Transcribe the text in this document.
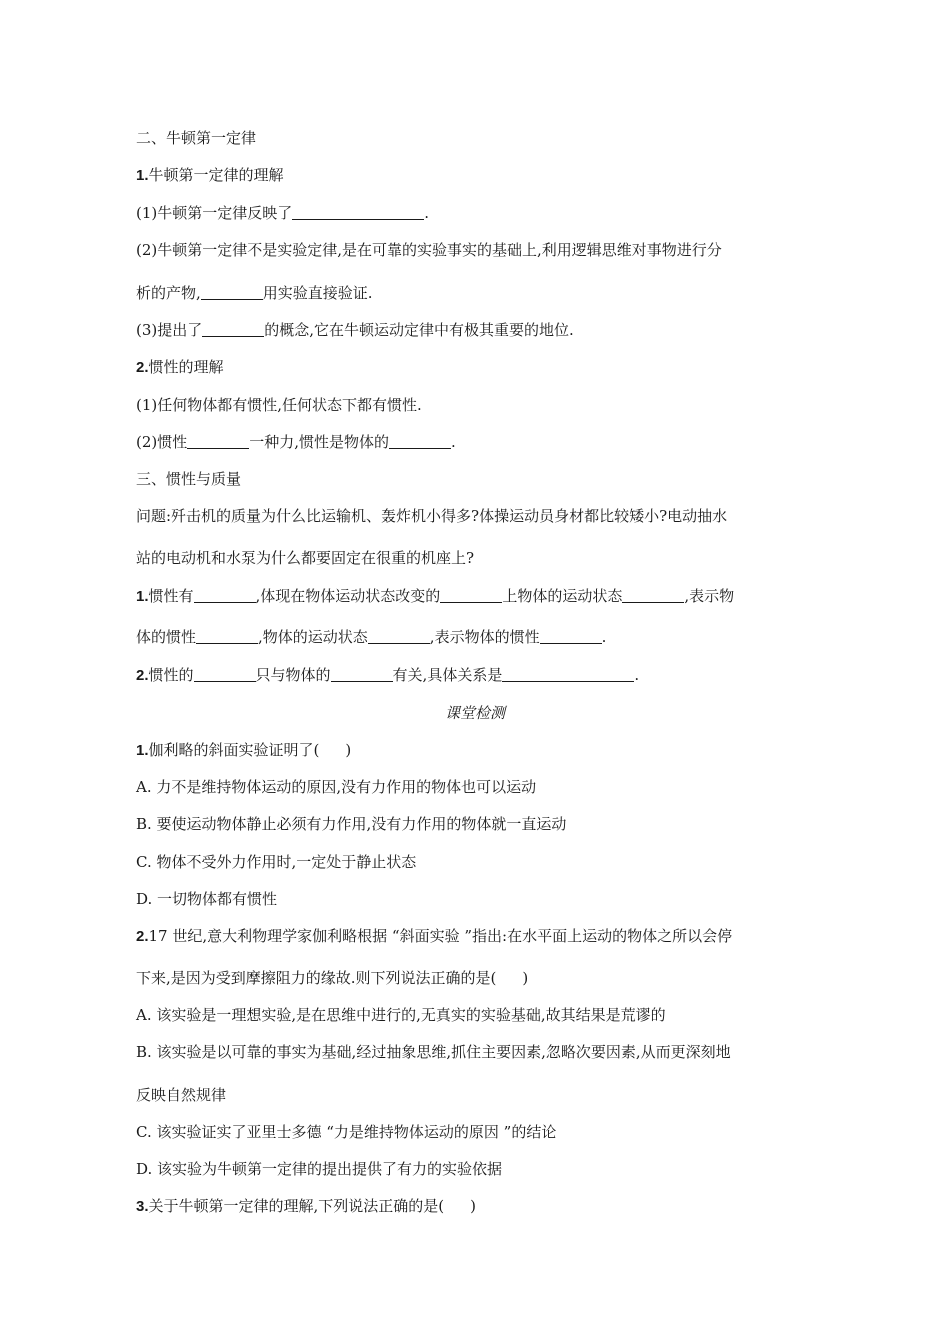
二、牛顿第一定律
1.牛顿第一定律的理解
(1)牛顿第一定律反映了	.
(2)牛顿第一定律不是实验定律,是在可靠的实验事实的基础上,利用逻辑思维对事物进行分
析的产物,	用实验直接验证.
(3)提出了	的概念,它在牛顿运动定律中有极其重要的地位.
2.惯性的理解
(1)任何物体都有惯性,任何状态下都有惯性.
(2)惯性	一种力,惯性是物体的	.
三、惯性与质量
问题:歼击机的质量为什么比运输机、轰炸机小得多?体操运动员身材都比较矮小?电动抽水
站的电动机和水泵为什么都要固定在很重的机座上?
1.惯性有	,体现在物体运动状态改变的	上物体的运动状态	,表示物
体的惯性	,物体的运动状态	,表示物体的惯性	.
2.惯性的	只与物体的	有关,具体关系是	.
课堂检测
1.伽利略的斜面实验证明了( )
A. 力不是维持物体运动的原因,没有力作用的物体也可以运动
B. 要使运动物体静止必须有力作用,没有力作用的物体就一直运动
C. 物体不受外力作用时,一定处于静止状态
D. 一切物体都有惯性
2.17 世纪,意大利物理学家伽利略根据 “斜面实验 ”指出:在水平面上运动的物体之所以会停
下来,是因为受到摩擦阻力的缘故.则下列说法正确的是( )
A. 该实验是一理想实验,是在思维中进行的,无真实的实验基础,故其结果是荒谬的
B. 该实验是以可靠的事实为基础,经过抽象思维,抓住主要因素,忽略次要因素,从而更深刻地
反映自然规律
C. 该实验证实了亚里士多德 “力是维持物体运动的原因 ”的结论
D. 该实验为牛顿第一定律的提出提供了有力的实验依据
3.关于牛顿第一定律的理解,下列说法正确的是( )
